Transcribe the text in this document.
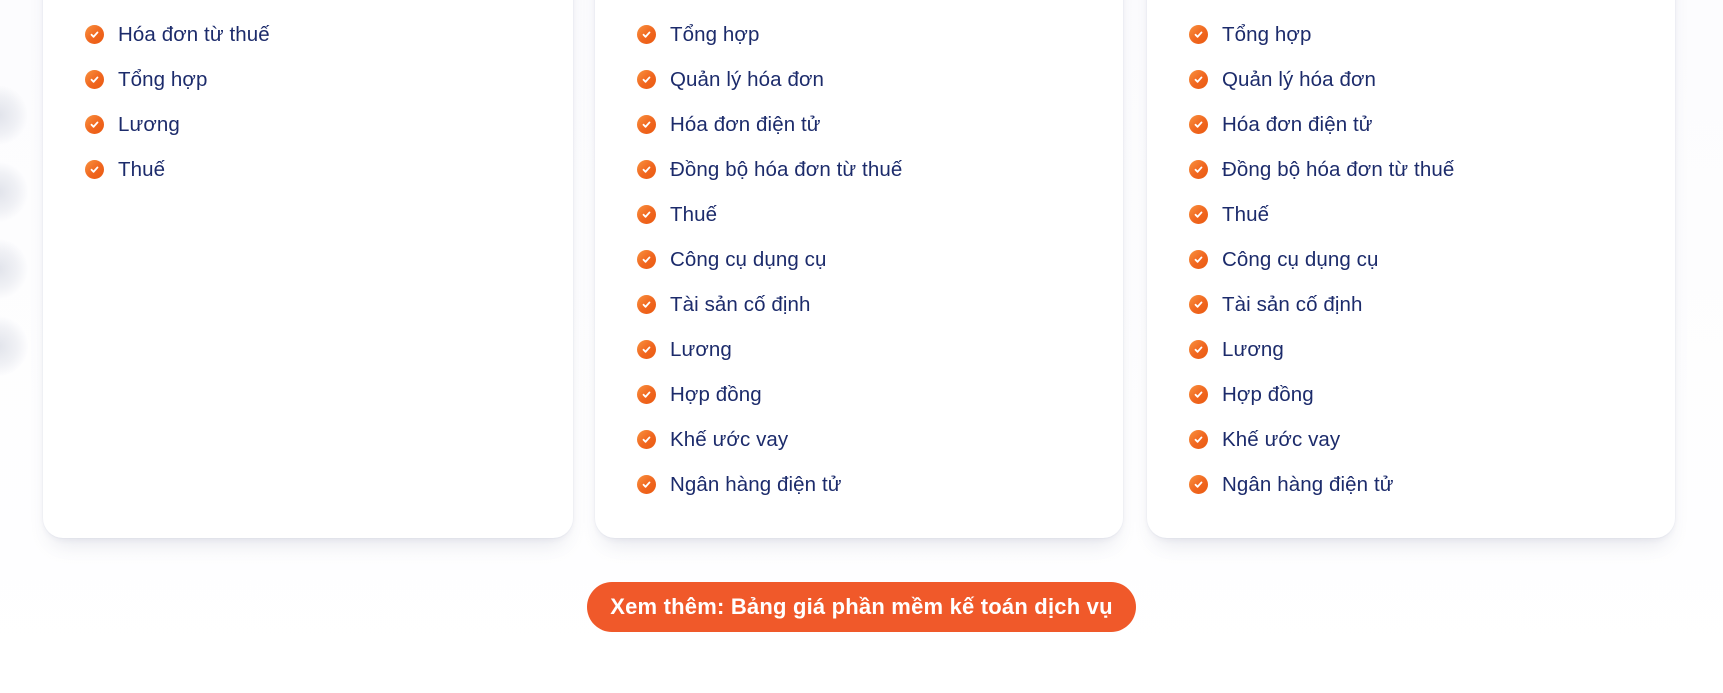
Hóa đơn từ thuế
Tổng hợp
Lương
Thuế
Tổng hợp
Quản lý hóa đơn
Hóa đơn điện tử
Đồng bộ hóa đơn từ thuế
Thuế
Công cụ dụng cụ
Tài sản cố định
Lương
Hợp đồng
Khế ước vay
Ngân hàng điện tử
Tổng hợp
Quản lý hóa đơn
Hóa đơn điện tử
Đồng bộ hóa đơn từ thuế
Thuế
Công cụ dụng cụ
Tài sản cố định
Lương
Hợp đồng
Khế ước vay
Ngân hàng điện tử
Xem thêm: Bảng giá phần mềm kế toán dịch vụ
